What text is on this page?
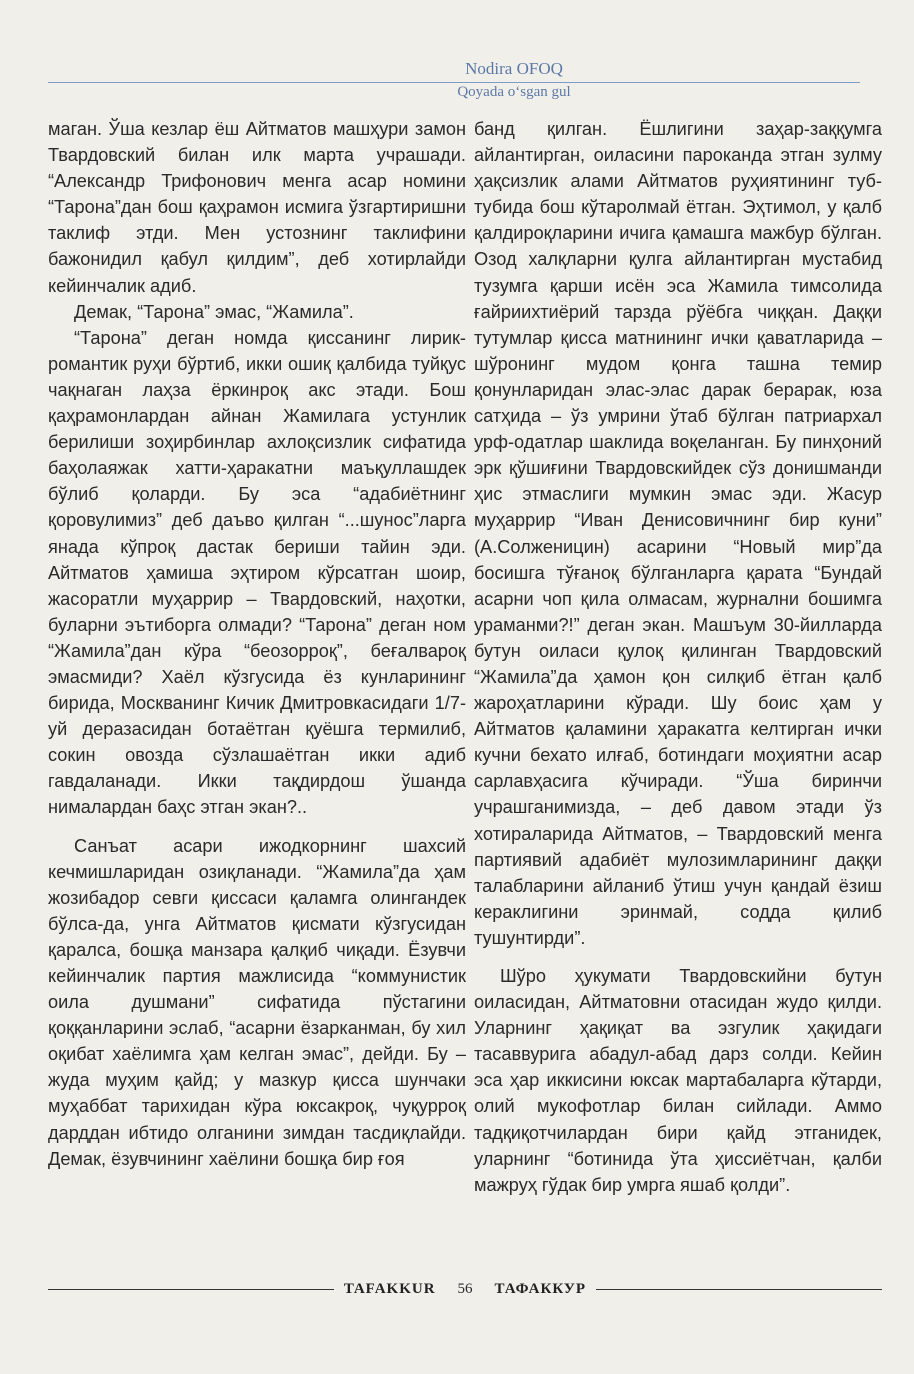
Nodira OFOQ
Qoyada o‘sgan gul

маган. Ўша кезлар ёш Айтматов машҳури замон Твардовский билан илк марта учрашади. “Александр Трифонович менга асар номини “Тарона”дан бош қаҳрамон исмига ўзгартиришни таклиф этди. Мен устознинг таклифини бажонидил қабул қилдим”, деб хотирлайди кейинчалик адиб.

Демак, “Тарона” эмас, “Жамила”.

“Тарона” деган номда қиссанинг лирик-романтик руҳи бўртиб, икки ошиқ қалбида туйқус чақнаган лаҳза ёркинроқ акс этади. Бош қаҳрамонлардан айнан Жамилага устунлик берилиши зоҳирбинлар ахлоқсизлик сифатида баҳолаяжак хатти-ҳаракатни маъқуллашдек бўлиб қоларди. Бу эса “адабиётнинг қоровулимиз” деб даъво қилган “...шунос”ларга янада кўпроқ дастак бериши тайин эди. Айтматов ҳамиша эҳтиром кўрсатган шоир, жасоратли муҳаррир – Твардовский, наҳотки, буларни эътиборга олмади? “Тарона” деган ном “Жамила”дан кўра “беозорроқ”, беғалвароқ эмасмиди? Хаёл кўзгусида ёз кунларининг бирида, Москванинг Кичик Дмитровкасидаги 1/7-уй деразасидан ботаётган қуёшга термилиб, сокин овозда сўзлашаётган икки адиб гавдаланади. Икки тақдирдош ўшанда нималардан баҳс этган экан?..

Санъат асари ижодкорнинг шахсий кечмишларидан озиқланади. “Жамила”да ҳам жозибадор севги қиссаси қаламга олингандек бўлса-да, унга Айтматов қисмати кўзгусидан қаралса, бошқа манзара қалқиб чиқади. Ёзувчи кейинчалик партия мажлисида “коммунистик оила душмани” сифатида пўстагини қоққанларини эслаб, “асарни ёзарканман, бу хил оқибат хаёлимга ҳам келган эмас”, дейди. Бу – жуда муҳим қайд; у мазкур қисса шунчаки муҳаббат тарихидан кўра юксакроқ, чуқурроқ дарддан ибтидо олганини зимдан тасдиқлайди. Демак, ёзувчининг хаёлини бошқа бир ғоя

банд қилган. Ёшлигини заҳар-заққумга айлантирган, оиласини пароканда этган зулму ҳақсизлик алами Айтматов руҳиятининг туб-тубида бош кўтаролмай ётган. Эҳтимол, у қалб қалдироқларини ичига қамашга мажбур бўлган. Озод халқларни қулга айлантирган мустабид тузумга қарши исён эса Жамила тимсолида ғайриихтиёрий тарзда рўёбга чиққан. Даққи тутумлар қисса матнининг ички қаватларида – шўронинг мудом қонга ташна темир қонунларидан элас-элас дарак берарак, юза сатҳида – ўз умрини ўтаб бўлган патриархал урф-одатлар шаклида воқеланган. Бу пинҳоний эрк қўшиғини Твардовскийдек сўз донишманди ҳис этмаслиги мумкин эмас эди. Жасур муҳаррир “Иван Денисовичнинг бир куни” (А.Солженицин) асарини “Новый мир”да босишга тўғаноқ бўлганларга қарата “Бундай асарни чоп қила олмасам, журнални бошимга ураманми?!” деган экан. Машъум 30-йилларда бутун оиласи қулоқ қилинган Твардовский “Жамила”да ҳамон қон силқиб ётган қалб жароҳатларини кўради. Шу боис ҳам у Айтматов қаламини ҳаракатга келтирган ички кучни бехато илғаб, ботиндаги моҳиятни асар сарлавҳасига кўчиради. “Ўша биринчи учрашганимизда, – деб давом этади ўз хотираларида Айтматов, – Твардовский менга партиявий адабиёт мулозимларининг даққи талабларини айланиб ўтиш учун қандай ёзиш кераклигини эринмай, содда қилиб тушунтирди”.

Шўро ҳукумати Твардовскийни бутун оиласидан, Айтматовни отасидан жудо қилди. Уларнинг ҳақиқат ва эзгулик ҳақидаги тасаввурига абадул-абад дарз солди. Кейин эса ҳар иккисини юксак мартабаларга кўтарди, олий мукофотлар билан сийлади. Аммо тадқиқотчилардан бири қайд этганидек, уларнинг “ботинида ўта ҳиссиётчан, қалби мажруҳ гўдак бир умрга яшаб қолди”.

TAFAKKUR	56	ТАФАККУР
